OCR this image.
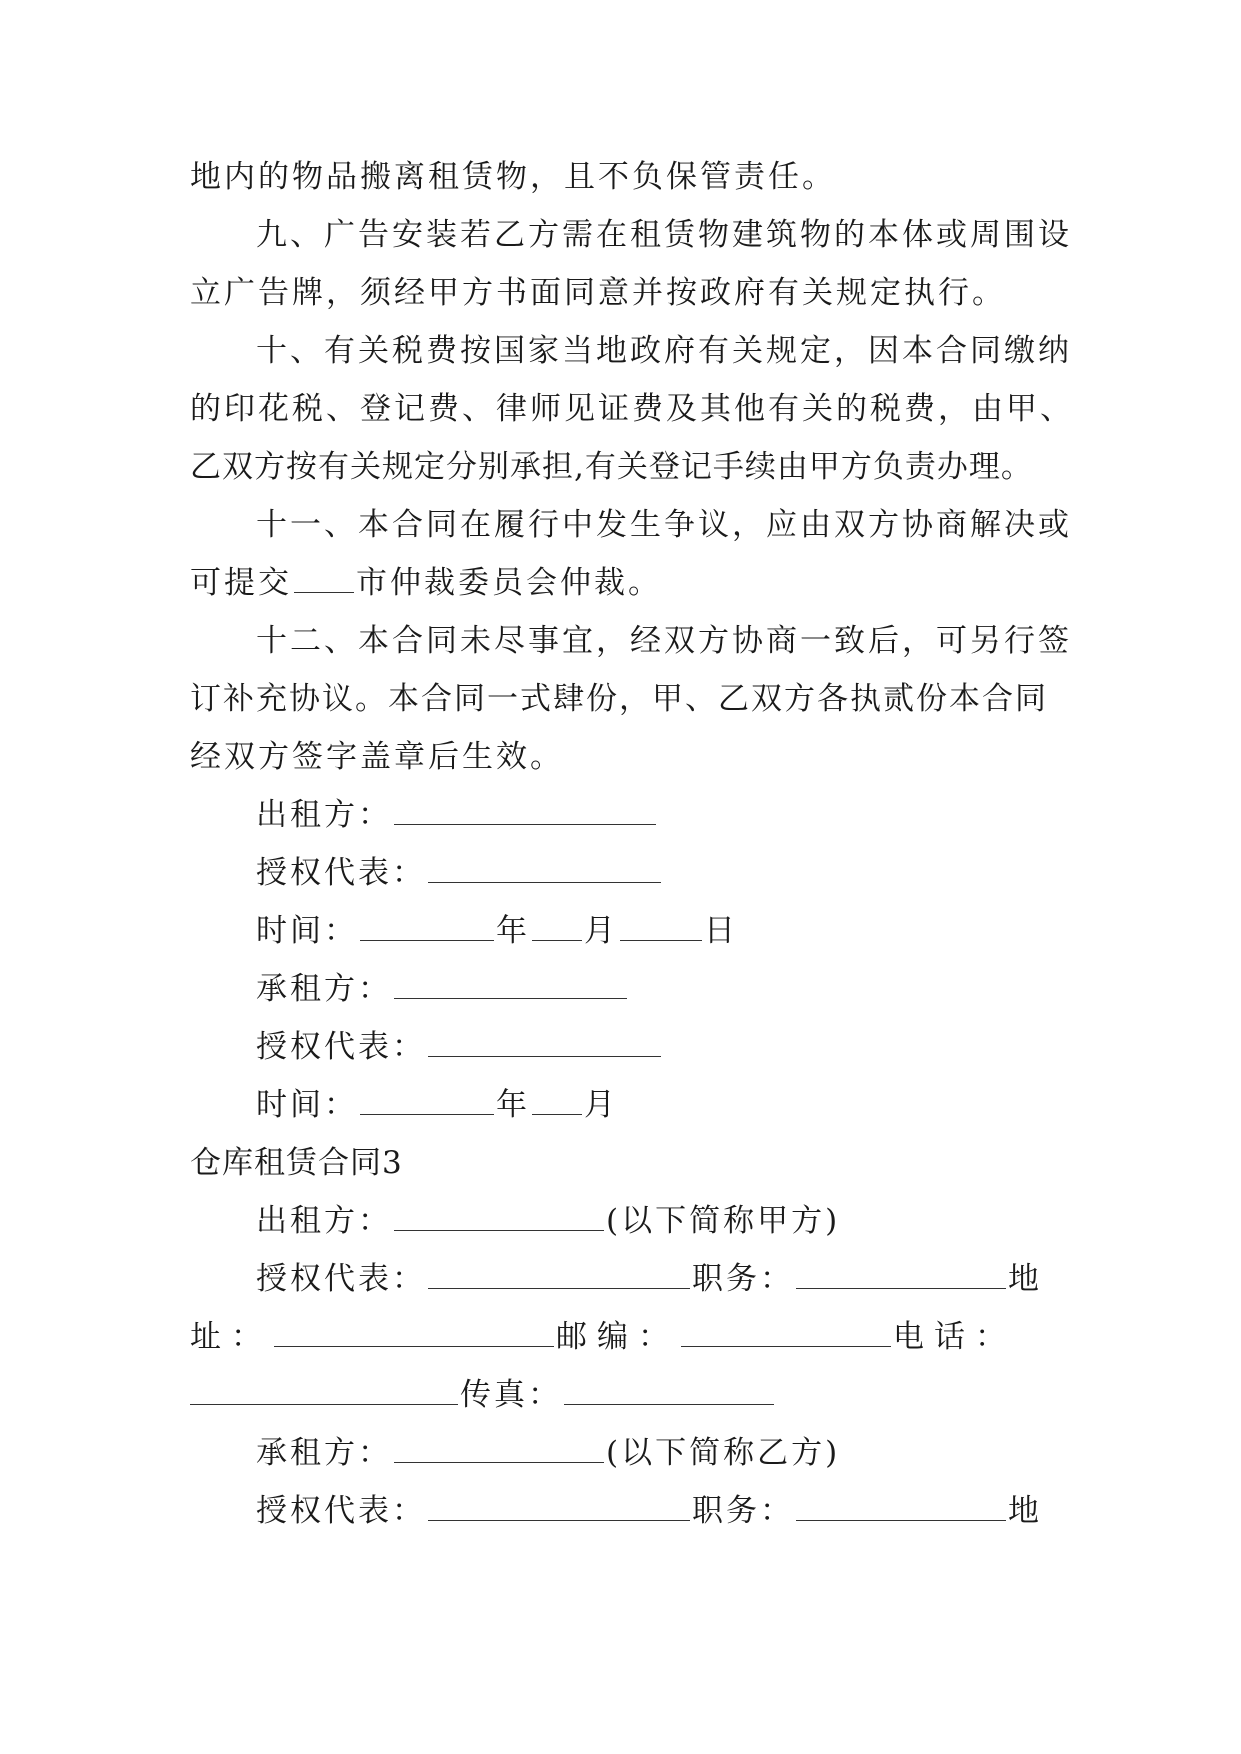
地内的物品搬离租赁物，且不负保管责任。
九、广告安装若乙方需在租赁物建筑物的本体或周围设
立广告牌，须经甲方书面同意并按政府有关规定执行。
十、有关税费按国家当地政府有关规定，因本合同缴纳
的印花税、登记费、律师见证费及其他有关的税费，由甲、
乙双方按有关规定分别承担,有关登记手续由甲方负责办理。
十一、本合同在履行中发生争议，应由双方协商解决或
可提交 市仲裁委员会仲裁。
十二、本合同未尽事宜，经双方协商一致后，可另行签
订补充协议。本合同一式肆份，甲、乙双方各执贰份本合同
经双方签字盖章后生效。
出租方：
授权代表：
时间：	年 月	日
承租方：
授权代表：
时间：	年 月
仓库租赁合同3
出租方：	(以下简称甲方)
授权代表：	职务：	地
址：	邮编：	电话：
传真：
承租方：	(以下简称乙方)
授权代表：	职务：	地
